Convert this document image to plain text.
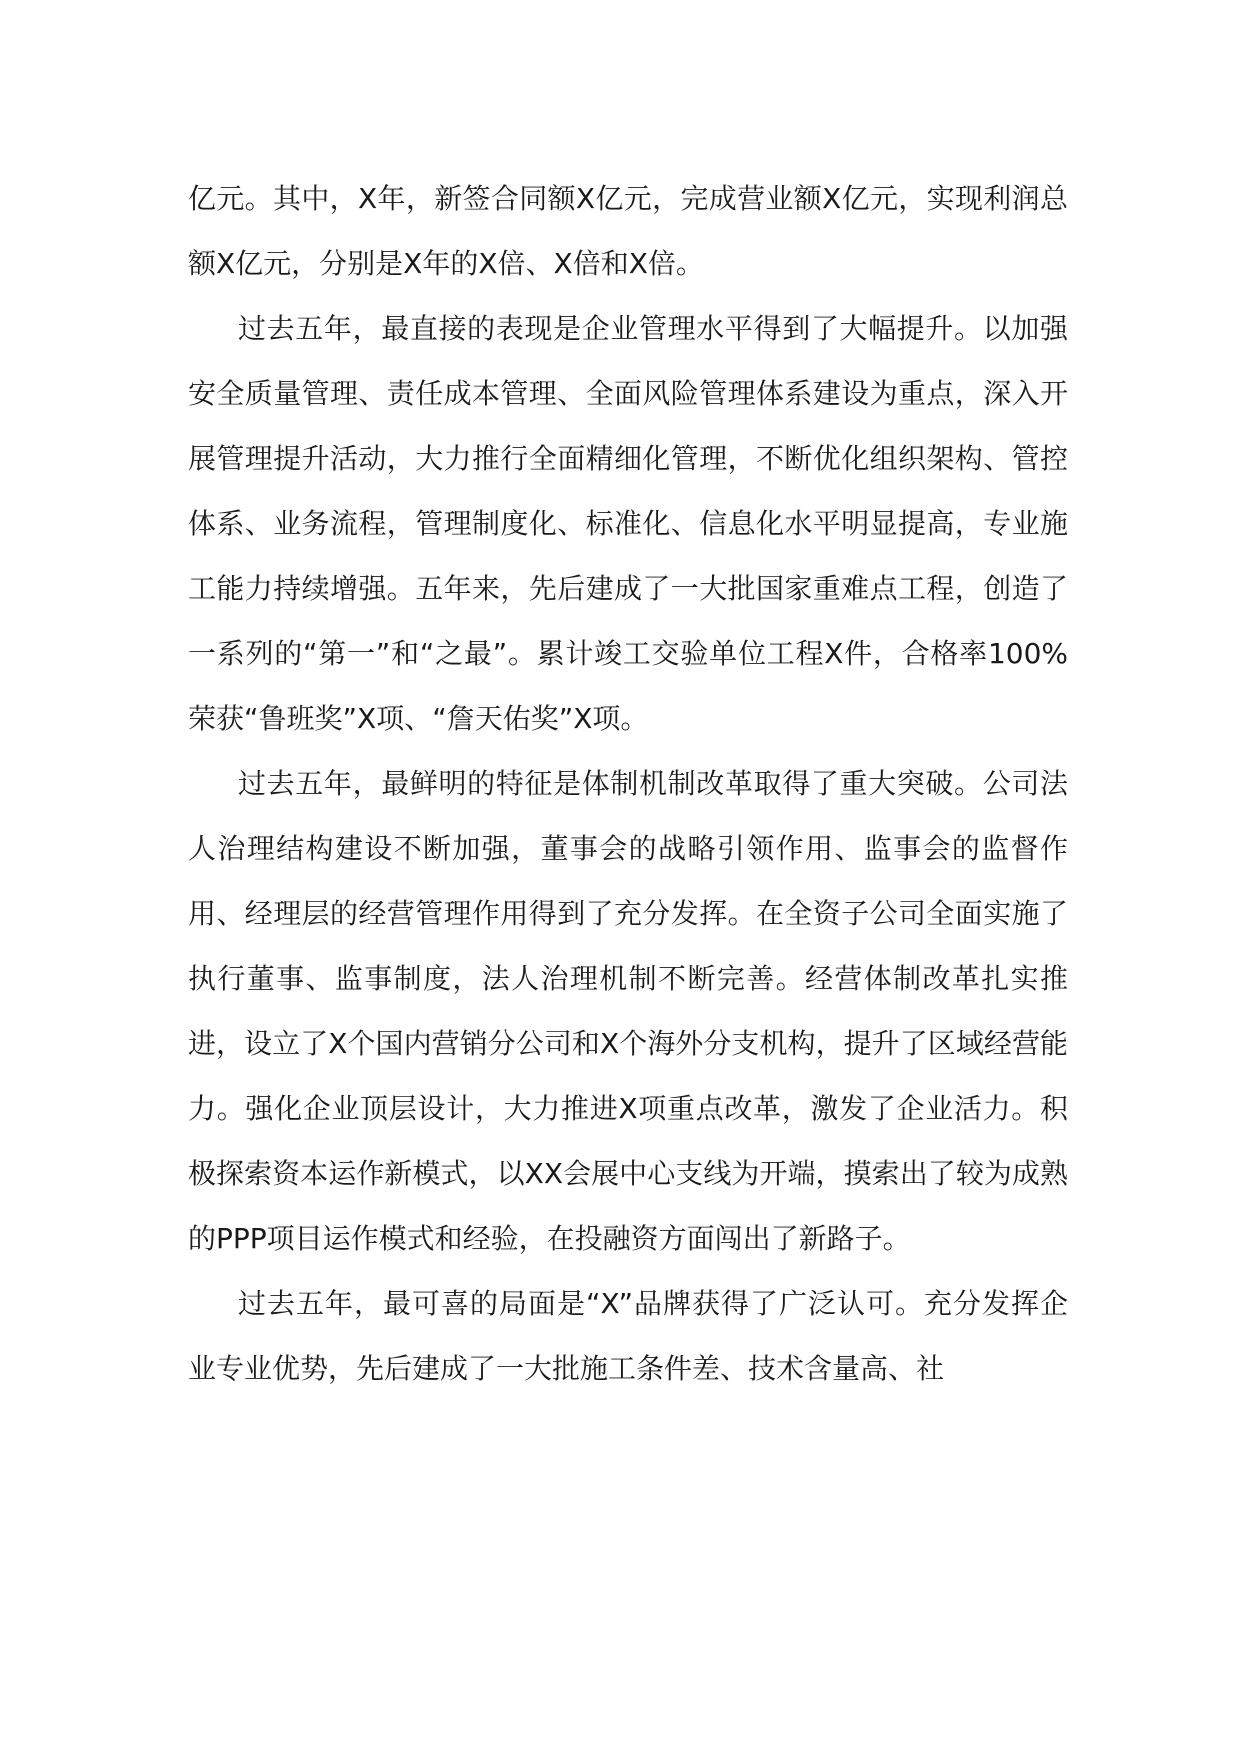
亿元。其中，X年，新签合同额X亿元，完成营业额X亿元，实现利润总额X亿元，分别是X年的X倍、X倍和X倍。

过去五年，最直接的表现是企业管理水平得到了大幅提升。以加强安全质量管理、责任成本管理、全面风险管理体系建设为重点，深入开展管理提升活动，大力推行全面精细化管理，不断优化组织架构、管控体系、业务流程，管理制度化、标准化、信息化水平明显提高，专业施工能力持续增强。五年来，先后建成了一大批国家重难点工程，创造了一系列的“第一”和“之最”。累计竣工交验单位工程X件，合格率100%荣获“鲁班奖”X项、“詹天佑奖”X项。

过去五年，最鲜明的特征是体制机制改革取得了重大突破。公司法人治理结构建设不断加强，董事会的战略引领作用、监事会的监督作用、经理层的经营管理作用得到了充分发挥。在全资子公司全面实施了执行董事、监事制度，法人治理机制不断完善。经营体制改革扎实推进，设立了X个国内营销分公司和X个海外分支机构，提升了区域经营能力。强化企业顶层设计，大力推进X项重点改革，激发了企业活力。积极探索资本运作新模式，以XX会展中心支线为开端，摸索出了较为成熟的PPP项目运作模式和经验，在投融资方面闯出了新路子。

过去五年，最可喜的局面是“X”品牌获得了广泛认可。充分发挥企业专业优势，先后建成了一大批施工条件差、技术含量高、社
